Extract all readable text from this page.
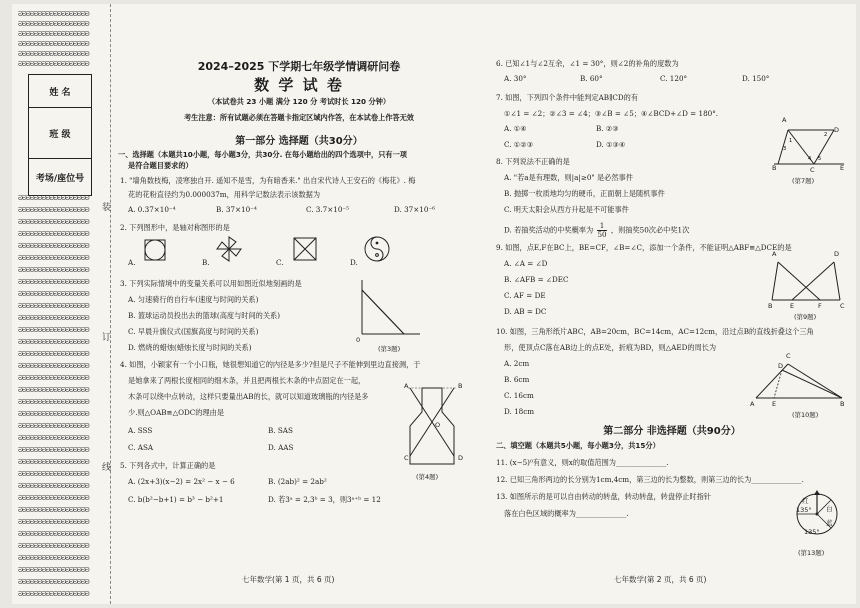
ᘐᘐᘐᘐᘐᘐᘐᘐᘐᘐᘐᘐᘐᘐᘐᘐᘐᘐ
ᘐᘐᘐᘐᘐᘐᘐᘐᘐᘐᘐᘐᘐᘐᘐᘐᘐᘐ
ᘐᘐᘐᘐᘐᘐᘐᘐᘐᘐᘐᘐᘐᘐᘐᘐᘐᘐ
ᘐᘐᘐᘐᘐᘐᘐᘐᘐᘐᘐᘐᘐᘐᘐᘐᘐᘐ
ᘐᘐᘐᘐᘐᘐᘐᘐᘐᘐᘐᘐᘐᘐᘐᘐᘐᘐ
ᘐᘐᘐᘐᘐᘐᘐᘐᘐᘐᘐᘐᘐᘐᘐᘐᘐᘐ
姓 名
班 级
考场/座位号
ᘐᘐᘐᘐᘐᘐᘐᘐᘐᘐᘐᘐᘐᘐᘐᘐᘐᘐ
ᘐᘐᘐᘐᘐᘐᘐᘐᘐᘐᘐᘐᘐᘐᘐᘐᘐᘐ
ᘐᘐᘐᘐᘐᘐᘐᘐᘐᘐᘐᘐᘐᘐᘐᘐᘐᘐ
ᘐᘐᘐᘐᘐᘐᘐᘐᘐᘐᘐᘐᘐᘐᘐᘐᘐᘐ
ᘐᘐᘐᘐᘐᘐᘐᘐᘐᘐᘐᘐᘐᘐᘐᘐᘐᘐ
ᘐᘐᘐᘐᘐᘐᘐᘐᘐᘐᘐᘐᘐᘐᘐᘐᘐᘐ
ᘐᘐᘐᘐᘐᘐᘐᘐᘐᘐᘐᘐᘐᘐᘐᘐᘐᘐ
ᘐᘐᘐᘐᘐᘐᘐᘐᘐᘐᘐᘐᘐᘐᘐᘐᘐᘐ
ᘐᘐᘐᘐᘐᘐᘐᘐᘐᘐᘐᘐᘐᘐᘐᘐᘐᘐ
ᘐᘐᘐᘐᘐᘐᘐᘐᘐᘐᘐᘐᘐᘐᘐᘐᘐᘐ
ᘐᘐᘐᘐᘐᘐᘐᘐᘐᘐᘐᘐᘐᘐᘐᘐᘐᘐ
ᘐᘐᘐᘐᘐᘐᘐᘐᘐᘐᘐᘐᘐᘐᘐᘐᘐᘐ
ᘐᘐᘐᘐᘐᘐᘐᘐᘐᘐᘐᘐᘐᘐᘐᘐᘐᘐ
ᘐᘐᘐᘐᘐᘐᘐᘐᘐᘐᘐᘐᘐᘐᘐᘐᘐᘐ
ᘐᘐᘐᘐᘐᘐᘐᘐᘐᘐᘐᘐᘐᘐᘐᘐᘐᘐ
ᘐᘐᘐᘐᘐᘐᘐᘐᘐᘐᘐᘐᘐᘐᘐᘐᘐᘐ
ᘐᘐᘐᘐᘐᘐᘐᘐᘐᘐᘐᘐᘐᘐᘐᘐᘐᘐ
ᘐᘐᘐᘐᘐᘐᘐᘐᘐᘐᘐᘐᘐᘐᘐᘐᘐᘐ
ᘐᘐᘐᘐᘐᘐᘐᘐᘐᘐᘐᘐᘐᘐᘐᘐᘐᘐ
ᘐᘐᘐᘐᘐᘐᘐᘐᘐᘐᘐᘐᘐᘐᘐᘐᘐᘐ
ᘐᘐᘐᘐᘐᘐᘐᘐᘐᘐᘐᘐᘐᘐᘐᘐᘐᘐ
ᘐᘐᘐᘐᘐᘐᘐᘐᘐᘐᘐᘐᘐᘐᘐᘐᘐᘐ
ᘐᘐᘐᘐᘐᘐᘐᘐᘐᘐᘐᘐᘐᘐᘐᘐᘐᘐ
ᘐᘐᘐᘐᘐᘐᘐᘐᘐᘐᘐᘐᘐᘐᘐᘐᘐᘐ
ᘐᘐᘐᘐᘐᘐᘐᘐᘐᘐᘐᘐᘐᘐᘐᘐᘐᘐ
ᘐᘐᘐᘐᘐᘐᘐᘐᘐᘐᘐᘐᘐᘐᘐᘐᘐᘐ
ᘐᘐᘐᘐᘐᘐᘐᘐᘐᘐᘐᘐᘐᘐᘐᘐᘐᘐ
ᘐᘐᘐᘐᘐᘐᘐᘐᘐᘐᘐᘐᘐᘐᘐᘐᘐᘐ
ᘐᘐᘐᘐᘐᘐᘐᘐᘐᘐᘐᘐᘐᘐᘐᘐᘐᘐ
ᘐᘐᘐᘐᘐᘐᘐᘐᘐᘐᘐᘐᘐᘐᘐᘐᘐᘐ
ᘐᘐᘐᘐᘐᘐᘐᘐᘐᘐᘐᘐᘐᘐᘐᘐᘐᘐ
ᘐᘐᘐᘐᘐᘐᘐᘐᘐᘐᘐᘐᘐᘐᘐᘐᘐᘐ
ᘐᘐᘐᘐᘐᘐᘐᘐᘐᘐᘐᘐᘐᘐᘐᘐᘐᘐ
ᘐᘐᘐᘐᘐᘐᘐᘐᘐᘐᘐᘐᘐᘐᘐᘐᘐᘐ
装
订
线
2024–2025 下学期七年级学情调研问卷
数 学 试 卷
（本试卷共 23 小题 满分 120 分 考试时长 120 分钟）
考生注意：所有试题必须在答题卡指定区域内作答，在本试卷上作答无效
第一部分 选择题（共30分）
一、选择题（本题共10小题，每小题3分，共30分. 在每小题给出的四个选项中，只有一项
是符合题目要求的）
1. "墙角数枝梅，凌寒独自开. 遥知不是雪，为有暗香来." 出自宋代诗人王安石的《梅花》. 梅
花的花粉直径约为0.000037m，用科学记数法表示该数据为
A. 0.37×10⁻⁴	B. 37×10⁻⁴	C. 3.7×10⁻⁵	D. 37×10⁻⁶
2. 下列图形中，是轴对称图形的是
A.	B.	C.	D.
3. 下列实际情境中的变量关系可以用如图近似地刻画的是
A. 匀速骑行的自行车(速度与时间的关系)
B. 篮球运动员投出去的篮球(高度与时间的关系)
C. 早晨升旗仪式(国旗高度与时间的关系)
D. 燃烧的蜡烛(蜡烛长度与时间的关系)
0
(第3题)
4. 如图，小颖家有一个小口瓶，她很想知道它的内径是多少?但是尺子不能伸到里边直接测，于
是她拿来了两根长度相同的细木条，并且把两根长木条的中点固定在一起，
木条可以绕中点转动，这样只要量出AB的长，就可以知道玻璃瓶的内径是多
少.则△OAB≌△ODC的理由是
A. SSS	B. SAS
C. ASA	D. AAS
A	B
O
C	D
(第4题)
5. 下列各式中，计算正确的是
A. (2x+3)(x−2) = 2x² − x − 6	B. (2ab)² = 2ab²
C. b(b²−b+1) = b³ − b²+1	D. 若3ᵃ = 2,3ᵇ = 3，则3ᵃ⁺ᵇ = 12
七年数学(第 1 页，共 6 页)
6. 已知∠1与∠2互余，∠1 = 30°，则∠2的补角的度数为
A. 30°	B. 60°	C. 120°	D. 150°
7. 如图，下列四个条件中能判定AB∥CD的有
①∠1 = ∠2；②∠3 = ∠4；③∠B = ∠5；④∠BCD+∠D = 180°.
A. ①④	B. ②③
C. ①②③	D. ①③④	1
3
2
4 5
A
D
B	C	E
(第7题)
8. 下列说法不正确的是
A. "若a是有理数，则|a|≥0" 是必然事件
B. 抛掷一枚质地均匀的硬币，正面朝上是随机事件
C. 明天太阳会从西方升起是不可能事件
D. 若抽奖活动的中奖概率为 $\frac{1}{50}$ ，则抽奖50次必中奖1次
9. 如图，点E,F在BC上，BE=CF，∠B=∠C，添加一个条件，不能证明△ABF≌△DCE的是
A. ∠A = ∠D
B. ∠AFB = ∠DEC
C. AF = DE
D. AB = DC
A	D
B	E	F	C
(第9题)
10. 如图，三角形纸片ABC，AB=20cm，BC=14cm，AC=12cm，沿过点B的直线折叠这个三角
形，使顶点C落在AB边上的点E处，折痕为BD，则△AED的周长为
A. 2cm
B. 6cm
C. 16cm
D. 18cm
C
D
A	E	B
(第10题)
第二部分 非选择题（共90分）
二、填空题（本题共5小题，每小题3分，共15分）
11. (x−5)⁰有意义，则x的取值范围为______________.
12. 已知三角形两边的长分别为1cm,4cm，第三边的长为整数，则第三边的长为______________.
13. 如图所示的是可以自由转动的转盘，转动转盘，转盘停止时指针
落在白色区域的概率为______________.
红
135° 白
蓝
135°
(第13题)
七年数学(第 2 页，共 6 页)
